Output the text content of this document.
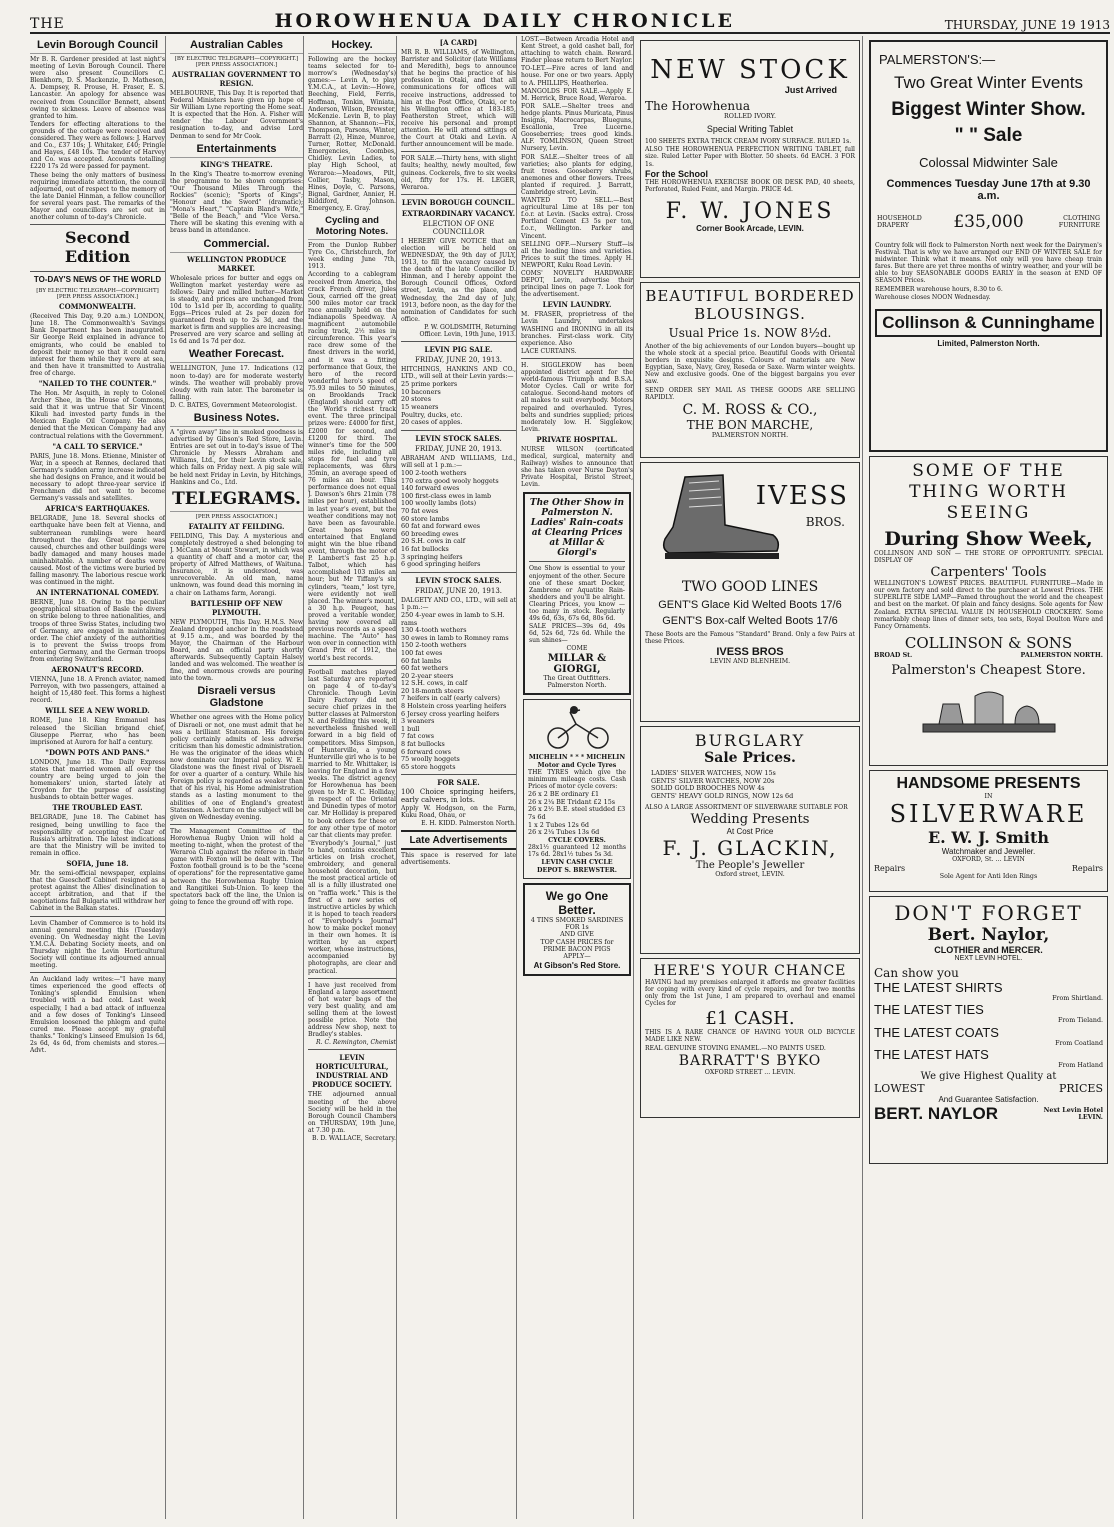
THE	HOROWHENUA DAILY CHRONICLE	THURSDAY, JUNE 19 1913
Levin Borough Council

Mr B. R. Gardener presided at last night's meeting of Levin Borough Council. There were also present Councillors C. Blenkhorn, D. S. Mackenzie, D. Matheson, A. Dempsey, R. Prouse, H. Fraser, E. S. Lancaster. An apology for absence was received from Councillor Bennett, absent owing to sickness. Leave of absence was granted to him.

Tenders for effecting alterations to the grounds of the cottage were received and considered. They were as follows: J. Harvey and Co., £37 10s; J. Whitaker, £40; Pringle and Hayes, £48 10s. The tender of Harvey and Co. was accepted. Accounts totalling £220 17s 2d were passed for payment.

These being the only matters of business requiring immediate attention, the council adjourned, out of respect to the memory of the late Daniel Hinman, a fellow councillor for several years past. The remarks of the Mayor and councillors are set out in another column of to-day's Chronicle.

Second Edition
TO-DAY'S NEWS OF THE WORLD
[BY ELECTRIC TELEGRAPH—COPYRIGHT] [PER PRESS ASSOCIATION.]
COMMONWEALTH.

(Received This Day, 9.20 a.m.) LONDON, June 18. The Commonwealth's Savings Bank Department has been inaugurated. Sir George Reid explained in advance to emigrants, who could be enabled to deposit their money so that it could earn interest for them while they were at sea, and then have it transmitted to Australia free of charge.

"NAILED TO THE COUNTER."

The Hon. Mr Asquith, in reply to Colonel Archer Shee, in the House of Commons, said that it was untrue that Sir Vincent Kikuli had invested party funds in the Mexican Eagle Oil Company. He also denied that the Mexican Company had any contractual relations with the Government.

"A CALL TO SERVICE."

PARIS, June 18. Mons. Etienne, Minister of War, in a speech at Rennes, declared that Germany's sudden army increase indicated she had designs on France, and it would be necessary to adopt three-year service if Frenchmen did not want to become Germany's vassals and satellites.

AFRICA'S EARTHQUAKES.

BELGRADE, June 18. Several shocks of earthquake have been felt at Vienna, and subterranean rumblings were heard throughout the day. Great panic was caused, churches and other buildings were badly damaged and many houses made uninhabitable. A number of deaths were caused. Most of the victims were buried by falling masonry. The laborious rescue work was continued in the night.

AN INTERNATIONAL COMEDY.

BERNE, June 18. Owing to the peculiar geographical situation of Basle the divers on strike belong to three nationalities, and troops of three Swiss States, including two of Germany, are engaged in maintaining order. The chief anxiety of the authorities is to prevent the Swiss troops from entering Germany, and the German troops from entering Switzerland.

AERONAUT'S RECORD.

VIENNA, June 18. A French aviator, named Perreyon, with two passengers, attained a height of 15,480 feet. This forms a highest record.

WILL SEE A NEW WORLD.

ROME, June 18. King Emmanuel has released the Sicilian brigand chief, Giuseppe Pierrar, who has been imprisoned at Aurora for half a century.

"DOWN POTS AND PANS."

LONDON, June 18. The Daily Express states that married women all over the country are being urged to join the homemakers' union, started lately at Croydon for the purpose of assisting husbands to obtain better wages.

THE TROUBLED EAST.

BELGRADE, June 18. The Cabinet has resigned, being unwilling to face the responsibility of accepting the Czar of Russia's arbitration. The latest indications are that the Ministry will be invited to remain in office.

SOFIA, June 18.

Mr. the semi-official newspaper, explains that the Gueschoff Cabinet resigned as a protest against the Allies' disinclination to accept arbitration, and that if the negotiations fail Bulgaria will withdraw her Cabinet in the Balkan states.

Levin Chamber of Commerce is to hold its annual general meeting this (Tuesday) evening. On Wednesday night the Levin Y.M.C.A. Debating Society meets, and on Thursday night the Levin Horticultural Society will continue its adjourned annual meeting.

An Auckland lady writes:—"I have many times experienced the good effects of Tonking's splendid Emulsion when troubled with a bad cold. Last week especially, I had a bad attack of influenza and a few doses of Tonking's Linseed Emulsion loosened the phlegm and quite cured me. Please accept my grateful thanks." Tonking's Linseed Emulsion 1s 6d, 2s 6d, 4s 6d, from chemists and stores.—Advt.

Australian Cables
[BY ELECTRIC TELEGRAPH—COPYRIGHT.] [PER PRESS ASSOCIATION.]
AUSTRALIAN GOVERNMENT TO RESIGN.

MELBOURNE, This Day. It is reported that Federal Ministers have given up hope of Sir William Lyne reporting the Home seat. It is expected that the Hon. A. Fisher will tender the Labour Government's resignation to-day, and advise Lord Denman to send for Mr Cook.

Entertainments
KING'S THEATRE.

In the King's Theatre to-morrow evening the programme to be shown comprises: "Our Thousand Miles Through the Rockies" (scenic); "Sports of Kings"; "Honour and the Sword" (dramatic); "Mona's Heart," "Captain Bland's Wife," "Belle of the Beach," and "Vice Versa." There will be skating this evening with a brass band in attendance.

Commercial.
WELLINGTON PRODUCE MARKET.

Wholesale prices for butter and eggs on Wellington market yesterday were as follows: Dairy and milled butter—Market is steady, and prices are unchanged from 10d to 1s1d per lb, according to quality. Eggs—Prices ruled at 2s per dozen for guaranteed fresh up to 2s 3d, and the market is firm and supplies are increasing. Preserved are very scarce and selling at 1s 6d and 1s 7d per doz.

Weather Forecast.

WELLINGTON, June 17. Indications (12 noon to-day) are for moderate westerly winds. The weather will probably prove cloudy with rain later. The barometer is falling.

D. C. BATES, Government Meteorologist.

Business Notes.

A "given away" line in smoked goodness is advertised by Gibson's Red Store, Levin. Entries are set out in to-day's issue of The Chronicle by Messrs Abraham and Williams, Ltd., for their Levin stock sale, which falls on Friday next. A pig sale will be held next Friday in Levin, by Hitchings, Hankins and Co., Ltd.

TELEGRAMS.
[PER PRESS ASSOCIATION.]
FATALITY AT FEILDING.

FEILDING, This Day. A mysterious and completely destroyed a shed belonging to J. McCann at Mount Stewart, in which was a quantity of chaff and a motor car, the property of Alfred Matthews, of Waituna. Insurance, it is understood, was unrecoverable. An old man, name unknown, was found dead this morning in a chair on Lathams farm, Aorangi.

BATTLESHIP OFF NEW PLYMOUTH.

NEW PLYMOUTH, This Day. H.M.S. New Zealand dropped anchor in the roadstead at 9.15 a.m., and was boarded by the Mayor, the Chairman of the Harbour Board, and an official party shortly afterwards. Subsequently Captain Halsey landed and was welcomed. The weather is fine, and enormous crowds are pouring into the town.

Disraeli versus Gladstone

Whether one agrees with the Home policy of Disraeli or not, one must admit that he was a brilliant Statesman. His foreign policy certainly admits of less adverse criticism than his domestic administration. He was the originator of the ideas which now dominate our Imperial policy. W. E. Gladstone was the finest rival of Disraeli for over a quarter of a century. While his Foreign policy is regarded as weaker than that of his rival, his Home administration stands as a lasting monument to the abilities of one of England's greatest Statesmen. A lecture on the subject will be given on Wednesday evening.

The Management Committee of the Horowhenua Rugby Union will hold a meeting to-night, when the protest of the Weraroa Club against the referee in their game with Foxton will be dealt with. The Foxton football ground is to be the "scene of operations" for the representative game between the Horowhenua Rugby Union and Rangitikei Sub-Union. To keep the spectators back off the line, the Union is going to fence the ground off with rope.

Hockey.

Following are the hockey teams selected for to-morrow's (Wednesday's) games:— Levin A, to play Y.M.C.A., at Levin:—Howe, Beeching, Field, Ferris, Hoffman, Tonkin, Winiata, Anderson, Wilson, Brewster, McKenzie. Levin B, to play Shannon, at Shannon:—Fix, Thompson, Parsons, Winter, Barratt (2), Hinze, Munroe, Turner, Rotter, McDonald. Emergencies, Coombes, Chidley. Levin Ladies, to play High School, at Weraroa:—Meadows, Pilt, Collier, Tasby, Mason, Hines, Doyle, C. Parsons, Bignal, Gardner, Annier, H. Riddiford, Johnson. Emergency, E. Gray.

Cycling and Motoring Notes.

From the Dunlop Rubber Tyre Co., Christchurch, for week ending June 7th, 1913.

According to a cablegram received from America, the crack French driver, Jules Goux, carried off the great 500 miles motor car track race annually held on the Indianapolis Speedway. A magnificent automobile racing track, 2½ miles in circumference. This year's race drew some of the finest drivers in the world, and it was a fitting performance that Goux, the hero of the record wonderful hero's speed of 75.93 miles to 50 minutes, on Brooklands Track (England) should carry off the World's richest track event. The three principal prizes were: £4000 for first, £2000 for second, and £1200 for third. The winner's time for the 500 miles ride, including all stops for fuel and tyre replacements, was 6hrs 35min, an average speed of 76 miles an hour. This performance does not equal J. Dawson's 6hrs 21min (78 miles per hour), established in last year's event, but the weather conditions may not have been as favourable. Great hopes were entertained that England might win the blue riband event, through the motor of P. Lambert's fast 25 h.p. Talbot, which has accomplished 103 miles an hour; but Mr Tiffany's six cylinders, "team," lost tyre, were evidently not well placed. The winner's mount, a 30 h.p. Peugeot, has proved a veritable wonder, having now covered all previous records as a speed machine. The "Auto" has won over in connection with Grand Prix of 1912, the world's best records.

Football matches played last Saturday are reported on page 4 of to-day's Chronicle. Though Levin Dairy Factory did not secure chief prizes in the butter classes at Palmerston N. and Feilding this week, it nevertheless finished well forward in a big field of competitors. Miss Simpson, of Hunterville, a young Hunterville girl who is to be married to Mr. Whittaker, is leaving for England in a few weeks. The district agency for Horowhenua has been given to Mr R. C. Holliday, in respect of the Oriental and Dunedin types of motor car. Mr Holliday is prepared to book orders for these or for any other type of motor car that clients may prefer.

"Everybody's Journal," just to hand, contains excellent articles on Irish crochet, embroidery, and general household decoration, but the most practical article of all is a fully illustrated one on "raffia work." This is the first of a new series of instructive articles by which it is hoped to teach readers of "Everybody's Journal" how to make pocket money in their own homes. It is written by an expert worker, whose instructions, accompanied by photographs, are clear and practical.

I have just received from England a large assortment of hot water bags of the very best quality, and am selling them at the lowest possible price. Note the address New shop, next to Bradley's stables.

R. C. Remington, Chemist

LEVIN HORTICULTURAL, INDUSTRIAL AND PRODUCE SOCIETY.

THE adjourned annual meeting of the above Society will be held in the Borough Council Chambers on THURSDAY, 19th June, at 7.30 p.m.

B. D. WALLACE, Secretary.

[A CARD]

MR R. B. WILLIAMS, of Wellington, Barrister and Solicitor (late Williams and Meredith), begs to announce that he begins the practice of his profession in Otaki, and that all communications for offices will receive instructions, addressed to him at the Post Office, Otaki, or to his Wellington office at 183-185, Featherston Street, which will receive his personal and prompt attention. He will attend sittings of the Court at Otaki and Levin. A further announcement will be made.

FOR SALE.—Thirty hens, with slight faults; healthy, newly moulted, few guineas. Cockerels, five to six weeks old, fifty for 17s. H. LEGER, Weraroa.

LEVIN BOROUGH COUNCIL.
EXTRAORDINARY VACANCY.
ELECTION OF ONE COUNCILLOR

I HEREBY GIVE NOTICE that an election will be held on WEDNESDAY, the 9th day of JULY, 1913, to fill the vacancy caused by the death of the late Councillor D. Hinman, and I hereby appoint the Borough Council Offices, Oxford street, Levin, as the place, and Wednesday, the 2nd day of July, 1913, before noon, as the day for the nomination of Candidates for such office.

P. W. GOLDSMITH, Returning Officer. Levin, 19th June, 1913.

LEVIN PIG SALE.
FRIDAY, JUNE 20, 1913.

HITCHINGS, HANKINS AND CO., LTD., will sell at their Levin yards:—

25 prime porkers
10 baconers
20 stores
15 weaners
Poultry, ducks, etc.
20 cases of apples.
LEVIN STOCK SALES.
FRIDAY, JUNE 20, 1913.

ABRAHAM AND WILLIAMS, Ltd., will sell at 1 p.m.:—

100 2-tooth wethers
170 extra good wooly hoggets
140 forward ewes
100 first-class ewes in lamb
100 woolly lambs (lots)
70 fat ewes
60 store lambs
60 fat and forward ewes
60 breeding ewes
20 S.H. cows in calf
16 fat bullocks
3 springing heifers
6 good springing heifers
LEVIN STOCK SALES.
FRIDAY, JUNE 20, 1913.

DALGETY AND CO., LTD., will sell at 1 p.m.:—

250 4-year ewes in lamb to S.H. rams
130 4-tooth wethers
30 ewes in lamb to Romney rams
150 2-tooth wethers
100 fat ewes
60 fat lambs
60 fat wethers
20 2-year steers
12 S.H. cows, in calf
20 18-month steers
7 heifers in calf (early calvers)
8 Holstein cross yearling heifers
6 Jersey cross yearling heifers
3 weaners
1 bull
7 fat cows
8 fat bullocks
6 forward cows
75 woolly hoggets
65 store hoggets
FOR SALE.

100 Choice springing heifers, early calvers, in lots.

Apply W. Hodgson, on the Farm, Kuku Road, Ohau, or

E. H. KIDD. Palmerston North.

Late Advertisements

This space is reserved for late advertisements.

LOST.—Between Arcadia Hotel and Kent Street, a gold cashet ball, for attaching to watch chain. Reward. Finder please return to Bert Naylor.

TO-LET.—Five acres of land and house. For one or two years. Apply to A. PHILLIPS, Heatherlea.

MANGOLDS FOR SALE.—Apply E. M. Herrick, Bruce Road, Weraroa.

FOR SALE.—Shelter trees and hedge plants. Pinus Muricata, Pinus Insignis, Macrocarpas, Blueguns, Escallonia, Tree Lucerne. Gooseberries; trees good kinds. ALF. TOMLINSON, Queen Street Nursery, Levin.

FOR SALE.—Shelter trees of all varieties; also plants for edging, fruit trees. Gooseberry shrubs, anemones and other flowers. Trees planted if required. J. Barratt, Cambridge street, Levin.

WANTED TO SELL.—Best agricultural Lime at 18s per ton f.o.r. at Levin. (Sacks extra). Cross Portland Cement £3 5s per ton, f.o.r., Wellington. Parker and Vincent.

SELLING OFF.—Nursery Stuff—is all the leading lines and varieties. Prices to suit the times. Apply H. NEWPORT, Kuku Road Levin.

COMS' NOVELTY HARDWARE DEPOT, Levin, advertise their principal lines on page 7. Look for the advertisement.

LEVIN LAUNDRY.

M. FRASER, proprietress of the Levin Laundry, undertakes WASHING and IRONING in all its branches. First-class work. City experience. Also

LACE CURTAINS.

H. SIGGLEKOW has been appointed district agent for the world-famous Triumph and B.S.A. Motor Cycles. Call or write for catalogue. Second-hand motors of all makes to suit everybody. Motors repaired and overhauled. Tyres, belts and sundries supplied; prices moderately low. H. Sigglekow, Levin.

PRIVATE HOSPITAL.

NURSE WILSON (certificated medical, surgical, maternity and Railway) wishes to announce that she has taken over Nurse Dayton's Private Hospital, Bristol Street, Levin.

The Other Show in Palmerston N. Ladies' Rain-coats at Clearing Prices at Millar & Giorgi's

One Show is essential to your enjoyment of the other. Secure one of these smart Docker, Zambrene or Aquatite Rain-shedders and you'll be alright. Clearing Prices, you know —too many in stock. Regularly 49s 6d, 63s, 67s 6d, 80s 6d.

SALE PRICES—39s 6d, 49s 6d, 52s 6d, 72s 6d. While the sun shines—

COME
MILLAR & GIORGI,
The Great Outfitters.
Palmerston North.
MICHELIN * * * MICHELIN Motor and Cycle Tyres

THE TYRES which give the minimum mileage costs. Cash Prices of motor cycle covers:

26 x 2 BE ordinary £1
26 x 2¼ BE Tridant £2 15s
26 x 2½ B.E. steel studded £3 7s 6d
1 x 2 Tubes 12s 6d
26 x 2¼ Tubes 13s 6d
CYCLE COVERS.

28x1½ guaranteed 12 months 17s 6d. 28x1½ tubes 5s 3d.

LEVIN CASH CYCLE DEPOT S. BREWSTER.
We go One Better.
4 TINS SMOKED SARDINES FOR 1s
AND GIVE
TOP CASH PRICES for
PRIME BACON PIGS
APPLY—
At Gibson's Red Store.
NEW STOCK
Just Arrived
The Horowhenua
ROLLED IVORY.
Special Writing Tablet

100 SHEETS EXTRA THICK CREAM IVORY SURFACE. RULED 1s.

ALSO THE HOROWHENUA PERFECTION WRITING TABLET, full size. Ruled Letter Paper with Blotter. 50 sheets. 6d EACH. 3 FOR 1s.

For the School

THE HOROWHENUA EXERCISE BOOK OR DESK PAD, 40 sheets, Perforated, Ruled Feint, and Margin. PRICE 4d.

F. W. JONES
Corner Book Arcade, LEVIN.
BEAUTIFUL BORDERED BLOUSINGS.
Usual Price 1s. NOW 8½d.

Another of the big achievements of our London buyers—bought up the whole stock at a special price. Beautiful Goods with Oriental borders in exquisite designs. Colours of materials are New Egyptian, Saxe, Navy, Grey, Reseda or Saxe. Warm winter weights. New and exclusive goods. One of the biggest bargains you ever saw.

SEND ORDER SEY MAIL AS THESE GOODS ARE SELLING RAPIDLY.

C. M. ROSS & CO.,
THE BON MARCHE,
PALMERSTON NORTH.
IVESS
BROS.
TWO GOOD LINES
GENT'S Glace Kid Welted Boots 17/6
GENT'S Box-calf Welted Boots 17/6

These Boots are the Famous "Standard" Brand. Only a few Pairs at these Prices.

IVESS BROS
LEVIN AND BLENHEIM.
BURGLARY
Sale Prices.
LADIES' SILVER WATCHES, NOW 15s
GENTS' SILVER WATCHES, NOW 20s
SOLID GOLD BROOCHES NOW 4s
GENTS' HEAVY GOLD RINGS, NOW 12s 6d

ALSO A LARGE ASSORTMENT OF SILVERWARE SUITABLE FOR

Wedding Presents
At Cost Price
F. J. GLACKIN,
The People's Jeweller
Oxford street, LEVIN.
HERE'S YOUR CHANCE

HAVING had my premises enlarged it affords me greater facilities for coping with every kind of cycle repairs, and for two months only from the 1st June, I am prepared to overhaul and enamel Cycles for

£1 CASH.

THIS IS A RARE CHANCE OF HAVING YOUR OLD BICYCLE MADE LIKE NEW.

REAL GENUINE STOVING ENAMEL.—NO PAINTS USED.

BARRATT'S BYKO
OXFORD STREET ... LEVIN.
PALMERSTON'S:—
Two Great Winter Events
Biggest Winter Show.
" " Sale
Colossal Midwinter Sale
Commences Tuesday June 17th at 9.30 a.m.
HOUSEHOLD DRAPERY	£35,000	CLOTHING FURNITURE

Country folk will flock to Palmerston North next week for the Dairymen's Festival. That is why we have arranged our END OF WINTER SALE for midwinter. Think what it means. Not only will you have cheap train fares. But there are yet three months of wintry weather, and your will be able to buy SEASONABLE GOODS EARLY in the season at END OF SEASON Prices.

REMEMBER warehouse hours, 8.30 to 6.

Warehouse closes NOON Wednesday.

Collinson & Cunninghame
Limited, Palmerston North.
SOME OF THE THING WORTH SEEING
During Show Week,

COLLINSON AND SON — THE STORE OF OPPORTUNITY. SPECIAL DISPLAY OF

Carpenters' Tools

WELLINGTON'S LOWEST PRICES. BEAUTIFUL FURNITURE—Made in our own factory and sold direct to the purchaser at Lowest Prices. THE SUPERLITE SIDE LAMP—Famed throughout the world and the cheapest and best on the market. Of plain and fancy designs. Sole agents for New Zealand. EXTRA SPECIAL VALUE IN HOUSEHOLD CROCKERY. Some remarkably cheap lines of dinner sets, tea sets, Royal Doulton Ware and Fancy Ornaments.

COLLINSON & SONS
BROAD St.	PALMERSTON NORTH.
Palmerston's Cheapest Store.
HANDSOME PRESENTS
IN
SILVERWARE
E. W. J. Smith
Watchmaker and Jeweller.
OXFORD, St. ... LEVIN
Repairs	Repairs
Sole Agent for Anti Iden Rings
DON'T FORGET
Bert. Naylor,
CLOTHIER and MERCER.
NEXT LEVIN HOTEL.
Can show you
THE LATEST SHIRTS
From Shirtland.
THE LATEST TIES
From Tieland.
THE LATEST COATS
From Coatland
THE LATEST HATS
From Hatland
We give Highest Quality at
LOWEST	PRICES
And Guarantee Satisfaction.
BERT. NAYLOR	Next Levin Hotel
LEVIN.
